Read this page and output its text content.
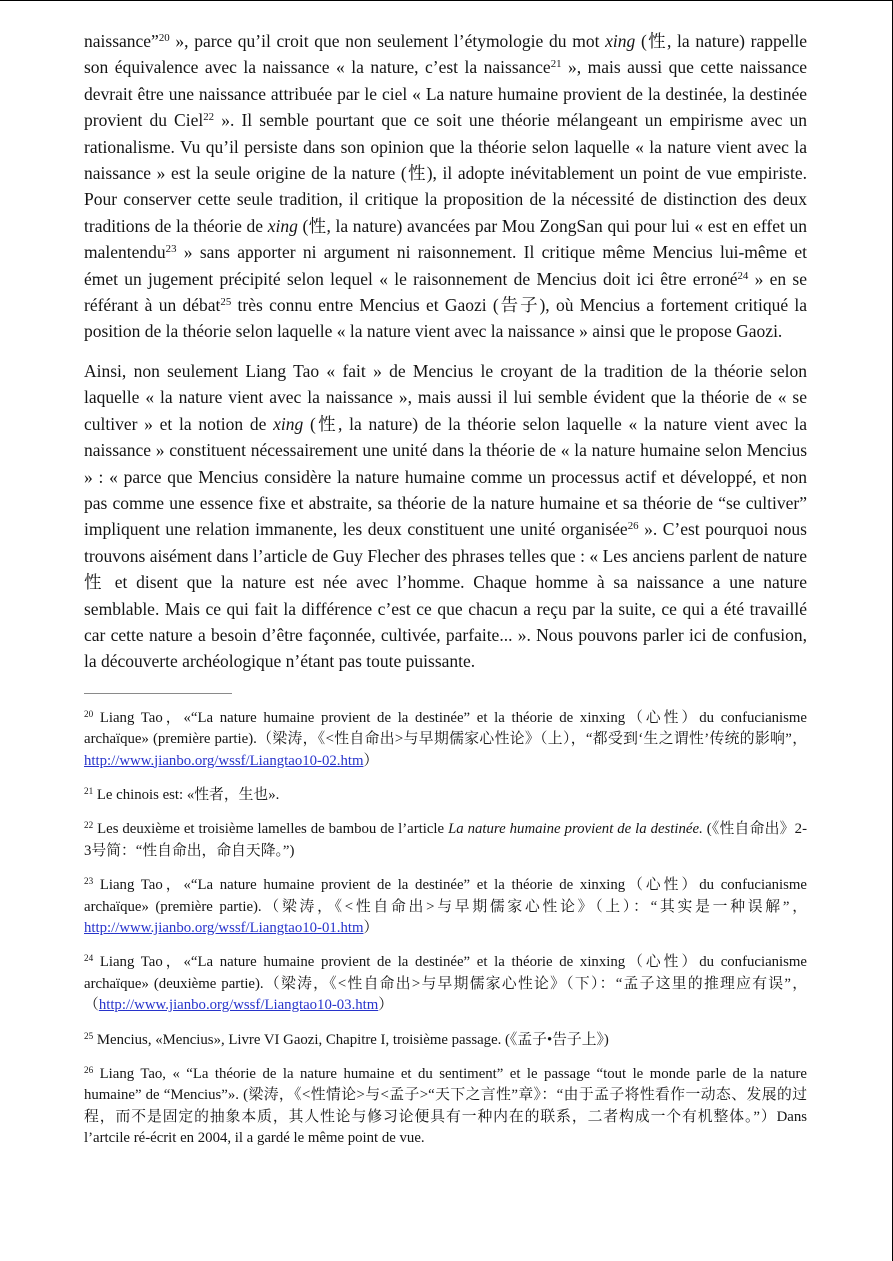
naissance”$^{20}$ », parce qu’il croit que non seulement l’étymologie du mot xing (性, la nature) rappelle son équivalence avec la naissance « la nature, c’est la naissance$^{21}$ », mais aussi que cette naissance devrait être une naissance attribuée par le ciel « La nature humaine provient de la destinée, la destinée provient du Ciel$^{22}$ ». Il semble pourtant que ce soit une théorie mélangeant un empirisme avec un rationalisme. Vu qu’il persiste dans son opinion que la théorie selon laquelle « la nature vient avec la naissance » est la seule origine de la nature (性), il adopte inévitablement un point de vue empiriste. Pour conserver cette seule tradition, il critique la proposition de la nécessité de distinction des deux traditions de la théorie de xing (性, la nature) avancées par Mou ZongSan qui pour lui « est en effet un malentendu$^{23}$ » sans apporter ni argument ni raisonnement. Il critique même Mencius lui-même et émet un jugement précipité selon lequel « le raisonnement de Mencius doit ici être erroné$^{24}$ » en se référant à un débat$^{25}$ très connu entre Mencius et Gaozi (告子), où Mencius a fortement critiqué la position de la théorie selon laquelle « la nature vient avec la naissance » ainsi que le propose Gaozi.

Ainsi, non seulement Liang Tao « fait » de Mencius le croyant de la tradition de la théorie selon laquelle « la nature vient avec la naissance », mais aussi il lui semble évident que la théorie de « se cultiver » et la notion de xing (性, la nature) de la théorie selon laquelle « la nature vient avec la naissance » constituent nécessairement une unité dans la théorie de « la nature humaine selon Mencius » : « parce que Mencius considère la nature humaine comme un processus actif et développé, et non pas comme une essence fixe et abstraite, sa théorie de la nature humaine et sa théorie de “se cultiver” impliquent une relation immanente, les deux constituent une unité organisée$^{26}$ ». C’est pourquoi nous trouvons aisément dans l’article de Guy Flecher des phrases telles que : « Les anciens parlent de nature 性 et disent que la nature est née avec l’homme. Chaque homme à sa naissance a une nature semblable. Mais ce qui fait la différence c’est ce que chacun a reçu par la suite, ce qui a été travaillé car cette nature a besoin d’être façonnée, cultivée, parfaite... ». Nous pouvons parler ici de confusion, la découverte archéologique n’étant pas toute puissante.

$^{20}$ Liang Tao，«“La nature humaine provient de la destinée” et la théorie de xinxing（心性）du confucianisme archaïque» (première partie).（梁涛，《<性自命出>与早期儒家心性论》（上），“都受到‘生之谓性’传统的影响”，http://www.jianbo.org/wssf/Liangtao10-02.htm）

$^{21}$ Le chinois est: «性者，生也».

$^{22}$ Les deuxième et troisième lamelles de bambou de l’article La nature humaine provient de la destinée. (《性自命出》2-3号简：“性自命出，命自天降。”)

$^{23}$ Liang Tao，«“La nature humaine provient de la destinée” et la théorie de xinxing（心性）du confucianisme archaïque» (première partie).（梁涛，《<性自命出>与早期儒家心性论》（上）：“其实是一种误解”，http://www.jianbo.org/wssf/Liangtao10-01.htm）

$^{24}$ Liang Tao，«“La nature humaine provient de la destinée” et la théorie de xinxing（心性）du confucianisme archaïque» (deuxième partie).（梁涛，《<性自命出>与早期儒家心性论》（下）：“孟子这里的推理应有误”，（http://www.jianbo.org/wssf/Liangtao10-03.htm）

$^{25}$ Mencius, «Mencius», Livre VI Gaozi, Chapitre I, troisième passage. (《孟子•告子上》)

$^{26}$ Liang Tao, « “La théorie de la nature humaine et du sentiment” et le passage “tout le monde parle de la nature humaine” de “Mencius”». (梁涛，《<性情论>与<孟子>“天下之言性”章》：“由于孟子将性看作一动态、发展的过程，而不是固定的抽象本质，其人性论与修习论便具有一种内在的联系，二者构成一个有机整体。”）Dans l’artcile ré-écrit en 2004, il a gardé le même point de vue.
